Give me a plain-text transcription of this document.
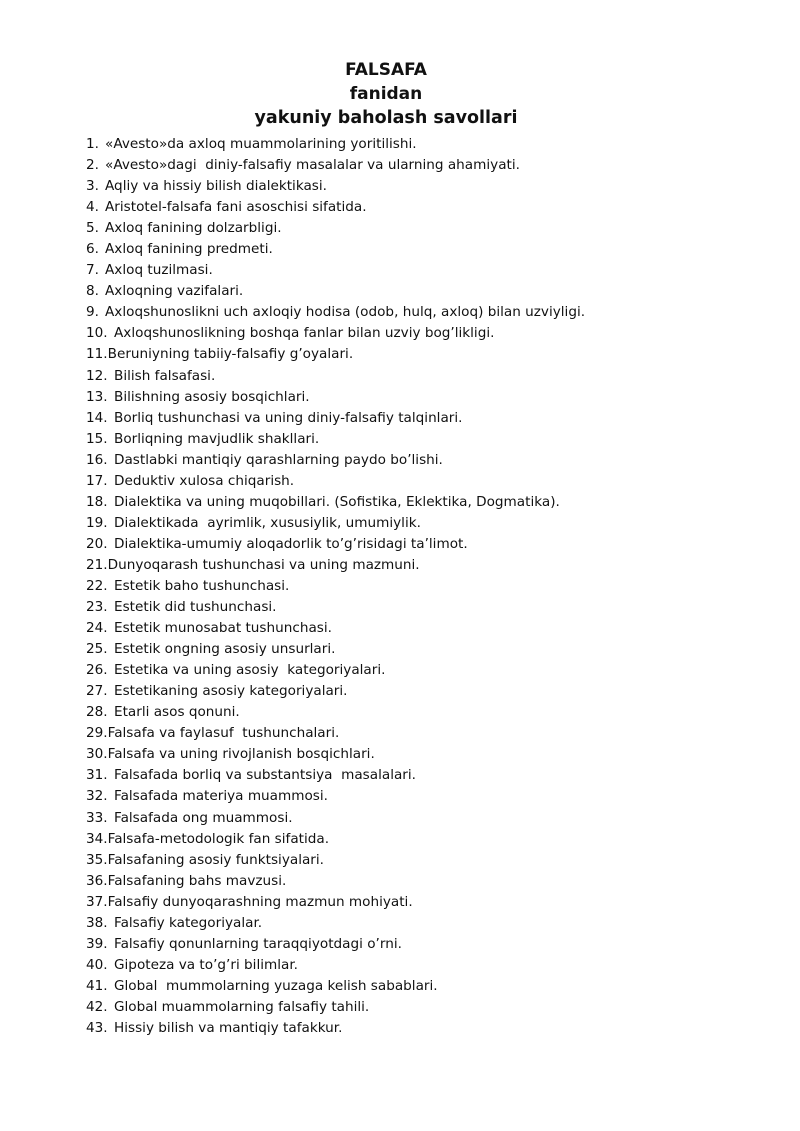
FALSAFA
fanidan
yakuniy baholash savollari
1. «Avesto»da axloq muammolarining yoritilishi.
2. «Avesto»dagi  diniy-falsafiy masalalar va ularning ahamiyati.
3. Aqliy va hissiy bilish dialektikasi.
4. Aristotel-falsafa fani asoschisi sifatida.
5. Axloq fanining dolzarbligi.
6. Axloq fanining predmeti.
7. Axloq tuzilmasi.
8. Axloqning vazifalari.
9. Axloqshunoslikni uch axloqiy hodisa (odob, hulq, axloq) bilan uzviyligi.
10. Axloqshunoslikning boshqa fanlar bilan uzviy bog’likligi.
11. Beruniyning tabiiy-falsafiy g’oyalari.
12. Bilish falsafasi.
13. Bilishning asosiy bosqichlari.
14. Borliq tushunchasi va uning diniy-falsafiy talqinlari.
15. Borliqning mavjudlik shakllari.
16. Dastlabki mantiqiy qarashlarning paydo bo’lishi.
17. Deduktiv xulosa chiqarish.
18. Dialektika va uning muqobillari. (Sofistika, Eklektika, Dogmatika).
19. Dialektikada  ayrimlik, xususiylik, umumiylik.
20. Dialektika-umumiy aloqadorlik to’g’risidagi ta’limot.
21. Dunyoqarash tushunchasi va uning mazmuni.
22. Estetik baho tushunchasi.
23. Estetik did tushunchasi.
24. Estetik munosabat tushunchasi.
25. Estetik ongning asosiy unsurlari.
26. Estetika va uning asosiy  kategoriyalari.
27. Estetikaning asosiy kategoriyalari.
28. Etarli asos qonuni.
29. Falsafa va faylasuf  tushunchalari.
30. Falsafa va uning rivojlanish bosqichlari.
31. Falsafada borliq va substantsiya  masalalari.
32. Falsafada materiya muammosi.
33. Falsafada ong muammosi.
34. Falsafa-metodologik fan sifatida.
35. Falsafaning asosiy funktsiyalari.
36. Falsafaning bahs mavzusi.
37. Falsafiy dunyoqarashning mazmun mohiyati.
38. Falsafiy kategoriyalar.
39. Falsafiy qonunlarning taraqqiyotdagi o’rni.
40. Gipoteza va to’g’ri bilimlar.
41. Global  mummolarning yuzaga kelish sabablari.
42. Global muammolarning falsafiy tahili.
43. Hissiy bilish va mantiqiy tafakkur.
